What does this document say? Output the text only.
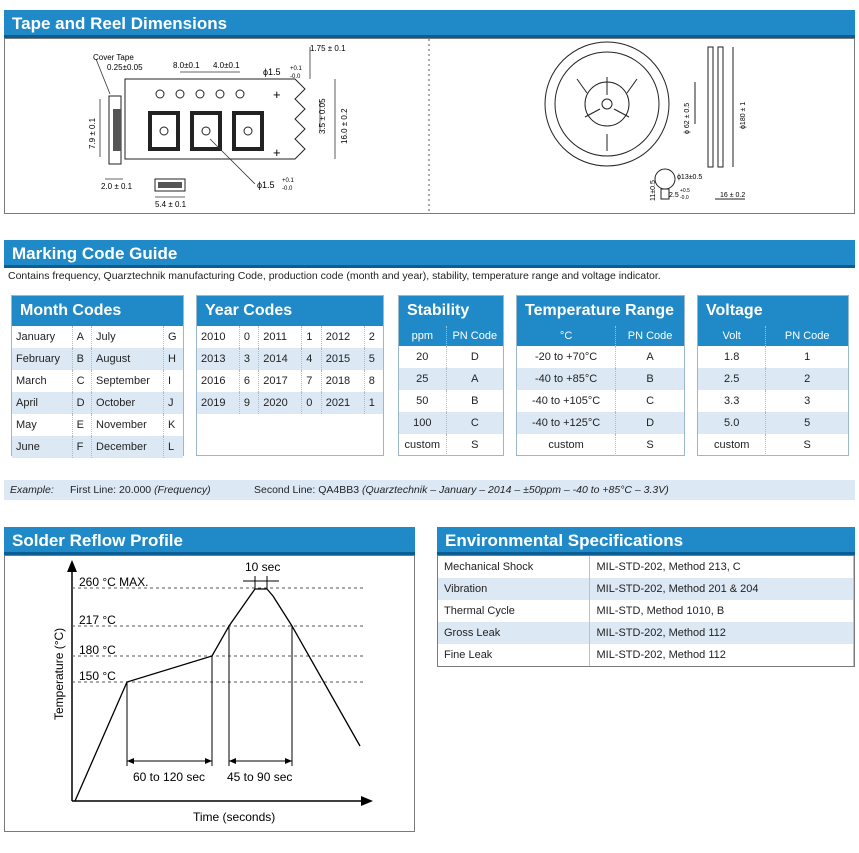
Tape and Reel Dimensions
+
+
Cover Tape
0.25±0.05	8.0±0.1 4.0±0.1
ϕ1.5 +0.1
-0.0
1.75 ± 0.1
7.9 ± 0.1	3.5 ± 0.05 16.0 ± 0.2
2.0 ± 0.1
5.4 ± 0.1
ϕ1.5 +0.1
-0.0
ϕ 62 ± 0.5	ϕ180 ± 1
ϕ13±0.5
11±0.5 2.5
+0.5
-0.0	16 ± 0.2
Marking Code Guide
Contains frequency, Quarztechnik manufacturing Code, production code (month and year), stability, temperature range and voltage indicator.
Month Codes
January	A	July	G
February	B	August	H
March	C	September	I
April	D	October	J
May	E	November	K
June	F	December	L
Year Codes
2010	0	2011	1	2012	2
2013	3	2014	4	2015	5
2016	6	2017	7	2018	8
2019	9	2020	0	2021	1
Stability
ppm	PN Code
20	D
25	A
50	B
100	C
custom	S
Temperature Range
°C	PN Code
-20 to +70°C	A
-40 to +85°C	B
-40 to +105°C	C
-40 to +125°C	D
custom	S
Voltage
Volt	PN Code
1.8	1
2.5	2
3.3	3
5.0	5
custom	S
Example: First Line: 20.000 (Frequency)	Second Line: QA4BB3 (Quarztechnik – January – 2014 – ±50ppm – -40 to +85°C – 3.3V)
Solder Reflow Profile
260 °C MAX.
217 °C
180 °C
150 °C
10 sec
60 to 120 sec 45 to 90 sec
Time (seconds)
Temperature (°C)
Environmental Specifications
Mechanical Shock	MIL-STD-202, Method 213, C
Vibration	MIL-STD-202, Method 201 & 204
Thermal Cycle	MIL-STD, Method 1010, B
Gross Leak	MIL-STD-202, Method 112
Fine Leak	MIL-STD-202, Method 112
